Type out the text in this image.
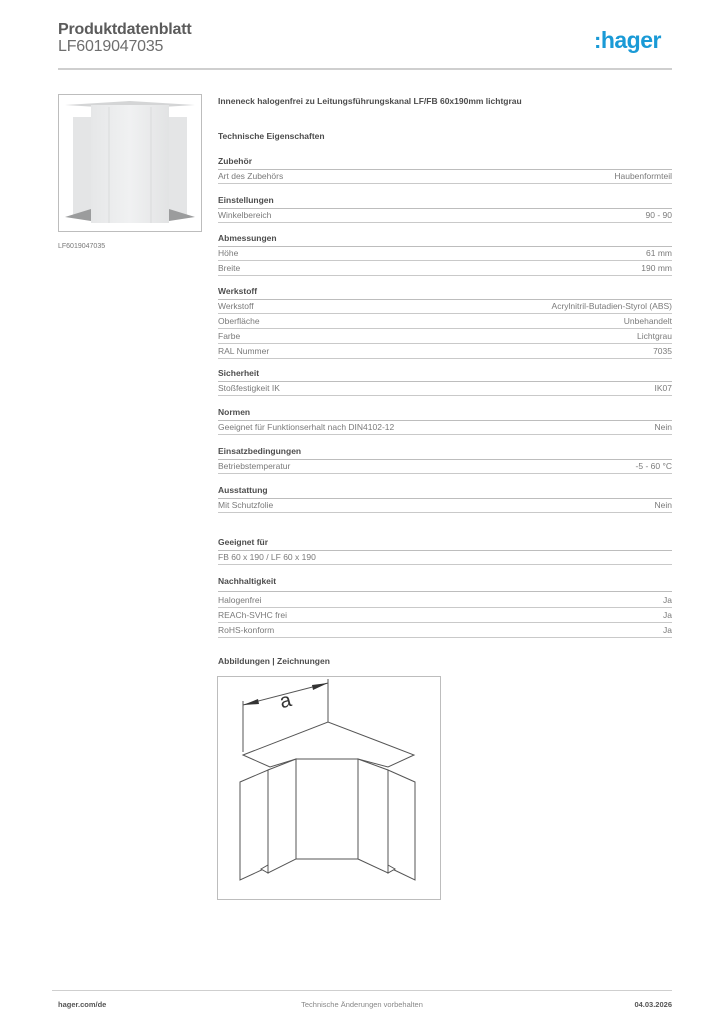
Produktdatenblatt
LF6019047035	:hager
LF6019047035
Inneneck halogenfrei zu Leitungsführungskanal LF/FB 60x190mm lichtgrau
Technische Eigenschaften
Zubehör
Art des Zubehörs	Haubenformteil
Einstellungen
Winkelbereich	90 - 90
Abmessungen
Höhe	61 mm
Breite	190 mm
Werkstoff
Werkstoff	Acrylnitril-Butadien-Styrol (ABS)
Oberfläche	Unbehandelt
Farbe	Lichtgrau
RAL Nummer	7035
Sicherheit
Stoßfestigkeit IK	IK07
Normen
Geeignet für Funktionserhalt nach DIN4102-12	Nein
Einsatzbedingungen
Betriebstemperatur	-5 - 60 °C
Ausstattung
Mit Schutzfolie	Nein
Geeignet für
FB 60 x 190 / LF 60 x 190
Nachhaltigkeit
Halogenfrei	Ja
REACh-SVHC frei	Ja
RoHS-konform	Ja
Abbildungen | Zeichnungen
a
hager.com/de	Technische Änderungen vorbehalten	04.03.2026
